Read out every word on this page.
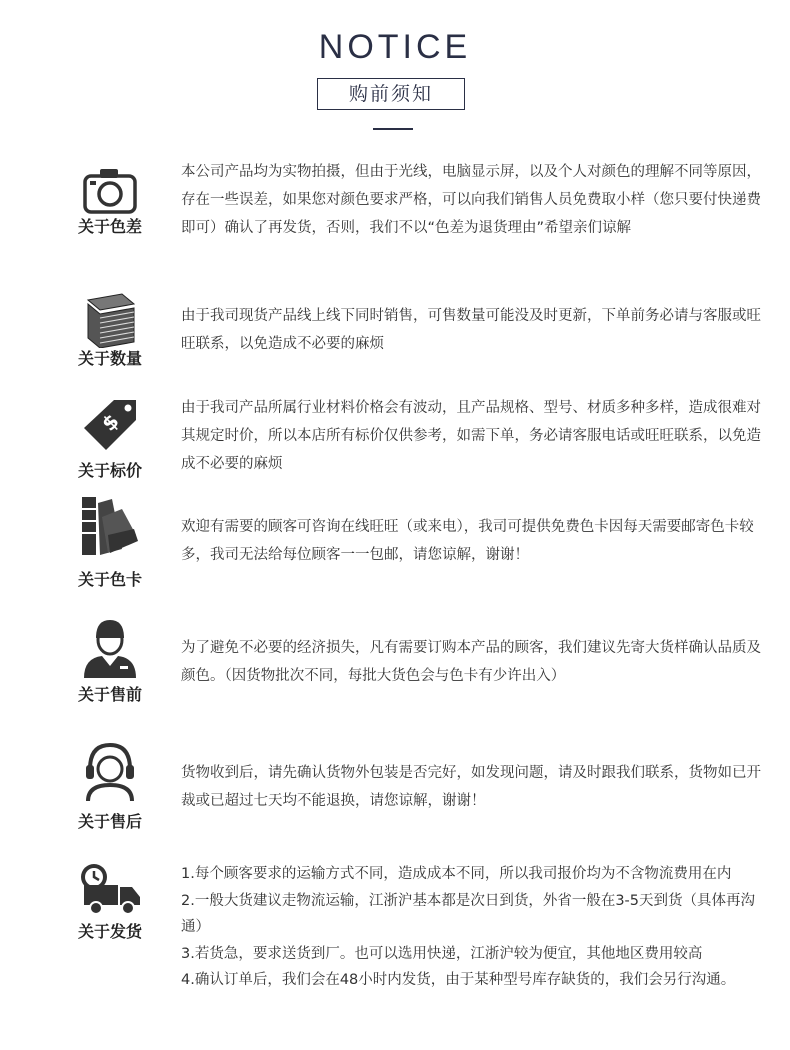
NOTICE
购前须知
关于色差

本公司产品均为实物拍摄，但由于光线，电脑显示屏，以及个人对颜色的理解不同等原因，存在一些误差，如果您对颜色要求严格，可以向我们销售人员免费取小样（您只要付快递费即可）确认了再发货，否则，我们不以“色差为退货理由”希望亲们谅解

关于数量

由于我司现货产品线上线下同时销售，可售数量可能没及时更新，下单前务必请与客服或旺旺联系，以免造成不必要的麻烦

$
关于标价

由于我司产品所属行业材料价格会有波动，且产品规格、型号、材质多种多样，造成很难对其规定时价，所以本店所有标价仅供参考，如需下单，务必请客服电话或旺旺联系，以免造成不必要的麻烦

关于色卡

欢迎有需要的顾客可咨询在线旺旺（或来电），我司可提供免费色卡因每天需要邮寄色卡较多，我司无法给每位顾客一一包邮，请您谅解，谢谢！

关于售前

为了避免不必要的经济损失，凡有需要订购本产品的顾客，我们建议先寄大货样确认品质及颜色。（因货物批次不同，每批大货色会与色卡有少许出入）

关于售后

货物收到后，请先确认货物外包装是否完好，如发现问题，请及时跟我们联系，货物如已开裁或已超过七天均不能退换，请您谅解，谢谢！

关于发货

1.每个顾客要求的运输方式不同，造成成本不同，所以我司报价均为不含物流费用在内

2.一般大货建议走物流运输，江浙沪基本都是次日到货，外省一般在3-5天到货（具体再沟通）

3.若货急，要求送货到厂。也可以选用快递，江浙沪较为便宜，其他地区费用较高

4.确认订单后，我们会在48小时内发货，由于某种型号库存缺货的，我们会另行沟通。
